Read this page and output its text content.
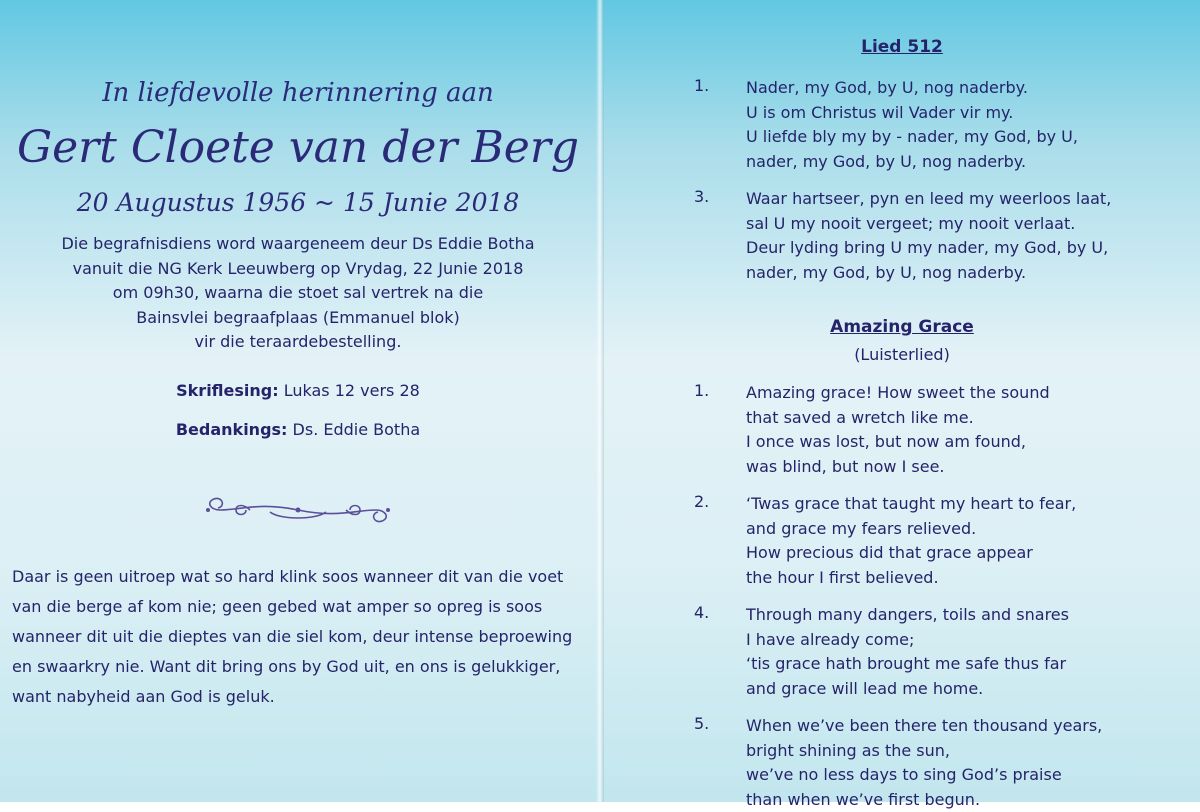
In liefdevolle herinnering aan
Gert Cloete van der Berg
20 Augustus 1956 ~ 15 Junie 2018
Die begrafnisdiens word waargeneem deur Ds Eddie Botha
vanuit die NG Kerk Leeuwberg op Vrydag, 22 Junie 2018
om 09h30, waarna die stoet sal vertrek na die
Bainsvlei begraafplaas (Emmanuel blok)
vir die teraardebestelling.
Skriflesing: Lukas 12 vers 28
Bedankings: Ds. Eddie Botha
Daar is geen uitroep wat so hard klink soos wanneer dit van die voet
van die berge af kom nie; geen gebed wat amper so opreg is soos
wanneer dit uit die dieptes van die siel kom, deur intense beproewing
en swaarkry nie. Want dit bring ons by God uit, en ons is gelukkiger,
want nabyheid aan God is geluk.
Lied 512
1. Nader, my God, by U, nog naderby.
U is om Christus wil Vader vir my.
U liefde bly my by - nader, my God, by U,
nader, my God, by U, nog naderby.
3. Waar hartseer, pyn en leed my weerloos laat,
sal U my nooit vergeet; my nooit verlaat.
Deur lyding bring U my nader, my God, by U,
nader, my God, by U, nog naderby.
Amazing Grace
(Luisterlied)
1. Amazing grace! How sweet the sound
that saved a wretch like me.
I once was lost, but now am found,
was blind, but now I see.
2. ‘Twas grace that taught my heart to fear,
and grace my fears relieved.
How precious did that grace appear
the hour I first believed.
4. Through many dangers, toils and snares
I have already come;
‘tis grace hath brought me safe thus far
and grace will lead me home.
5. When we’ve been there ten thousand years,
bright shining as the sun,
we’ve no less days to sing God’s praise
than when we’ve first begun.
